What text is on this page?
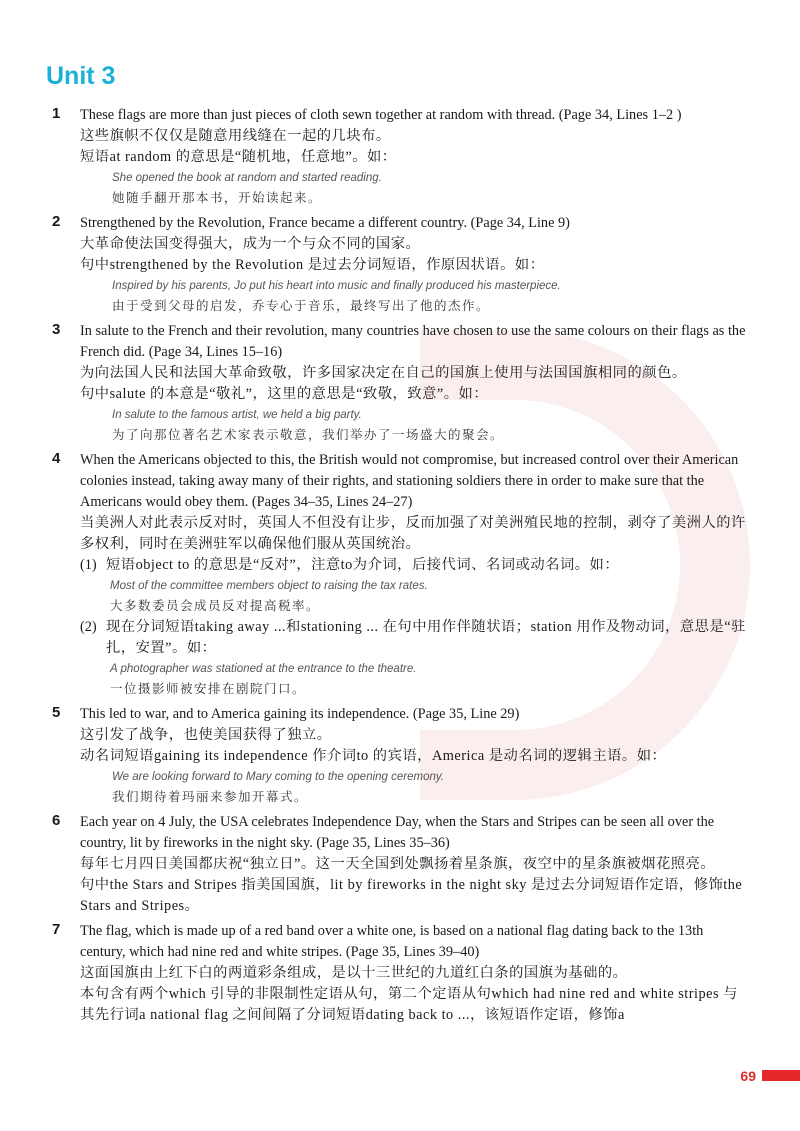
Unit 3
1 These flags are more than just pieces of cloth sewn together at random with thread. (Page 34, Lines 1–2 )
这些旗帜不仅仅是随意用线缝在一起的几块布。
短语at random 的意思是“随机地，任意地”。如：
She opened the book at random and started reading.
她随手翻开那本书，开始读起来。
2 Strengthened by the Revolution, France became a different country. (Page 34, Line 9)
大革命使法国变得强大，成为一个与众不同的国家。
句中strengthened by the Revolution 是过去分词短语，作原因状语。如：
Inspired by his parents, Jo put his heart into music and finally produced his masterpiece.
由于受到父母的启发，乔专心于音乐，最终写出了他的杰作。
3 In salute to the French and their revolution, many countries have chosen to use the same colours on their flags as the French did. (Page 34, Lines 15–16)
为向法国人民和法国大革命致敬，许多国家决定在自己的国旗上使用与法国国旗相同的颜色。
句中salute 的本意是“敬礼”，这里的意思是“致敬，致意”。如：
In salute to the famous artist, we held a big party.
为了向那位著名艺术家表示敬意，我们举办了一场盛大的聚会。
4 When the Americans objected to this, the British would not compromise, but increased control over their American colonies instead, taking away many of their rights, and stationing soldiers there in order to make sure that the Americans would obey them. (Pages 34–35, Lines 24–27)
当美洲人对此表示反对时，英国人不但没有让步，反而加强了对美洲殖民地的控制，剥夺了美洲人的许多权利，同时在美洲驻军以确保他们服从英国统治。
(1) 短语object to 的意思是“反对”，注意to为介词，后接代词、名词或动名词。如：
Most of the committee members object to raising the tax rates.
大多数委员会成员反对提高税率。
(2) 现在分词短语taking away ...和stationing ... 在句中用作伴随状语；station 用作及物动词，意思是“驻扎，安置”。如：
A photographer was stationed at the entrance to the theatre.
一位摄影师被安排在剧院门口。
5 This led to war, and to America gaining its independence. (Page 35, Line 29)
这引发了战争，也使美国获得了独立。
动名词短语gaining its independence 作介词to 的宾语，America 是动名词的逻辑主语。如：
We are looking forward to Mary coming to the opening ceremony.
我们期待着玛丽来参加开幕式。
6 Each year on 4 July, the USA celebrates Independence Day, when the Stars and Stripes can be seen all over the country, lit by fireworks in the night sky. (Page 35, Lines 35–36)
每年七月四日美国都庆祝“独立日”。这一天全国到处飘扬着星条旗，夜空中的星条旗被烟花照亮。
句中the Stars and Stripes 指美国国旗，lit by fireworks in the night sky 是过去分词短语作定语，修饰the Stars and Stripes。
7 The flag, which is made up of a red band over a white one, is based on a national flag dating back to the 13th century, which had nine red and white stripes. (Page 35, Lines 39–40)
这面国旗由上红下白的两道彩条组成，是以十三世纪的九道红白条的国旗为基础的。
本句含有两个which 引导的非限制性定语从句，第二个定语从句which had nine red and white stripes 与其先行词a national flag 之间间隔了分词短语dating back to ...，该短语作定语，修饰a
69
